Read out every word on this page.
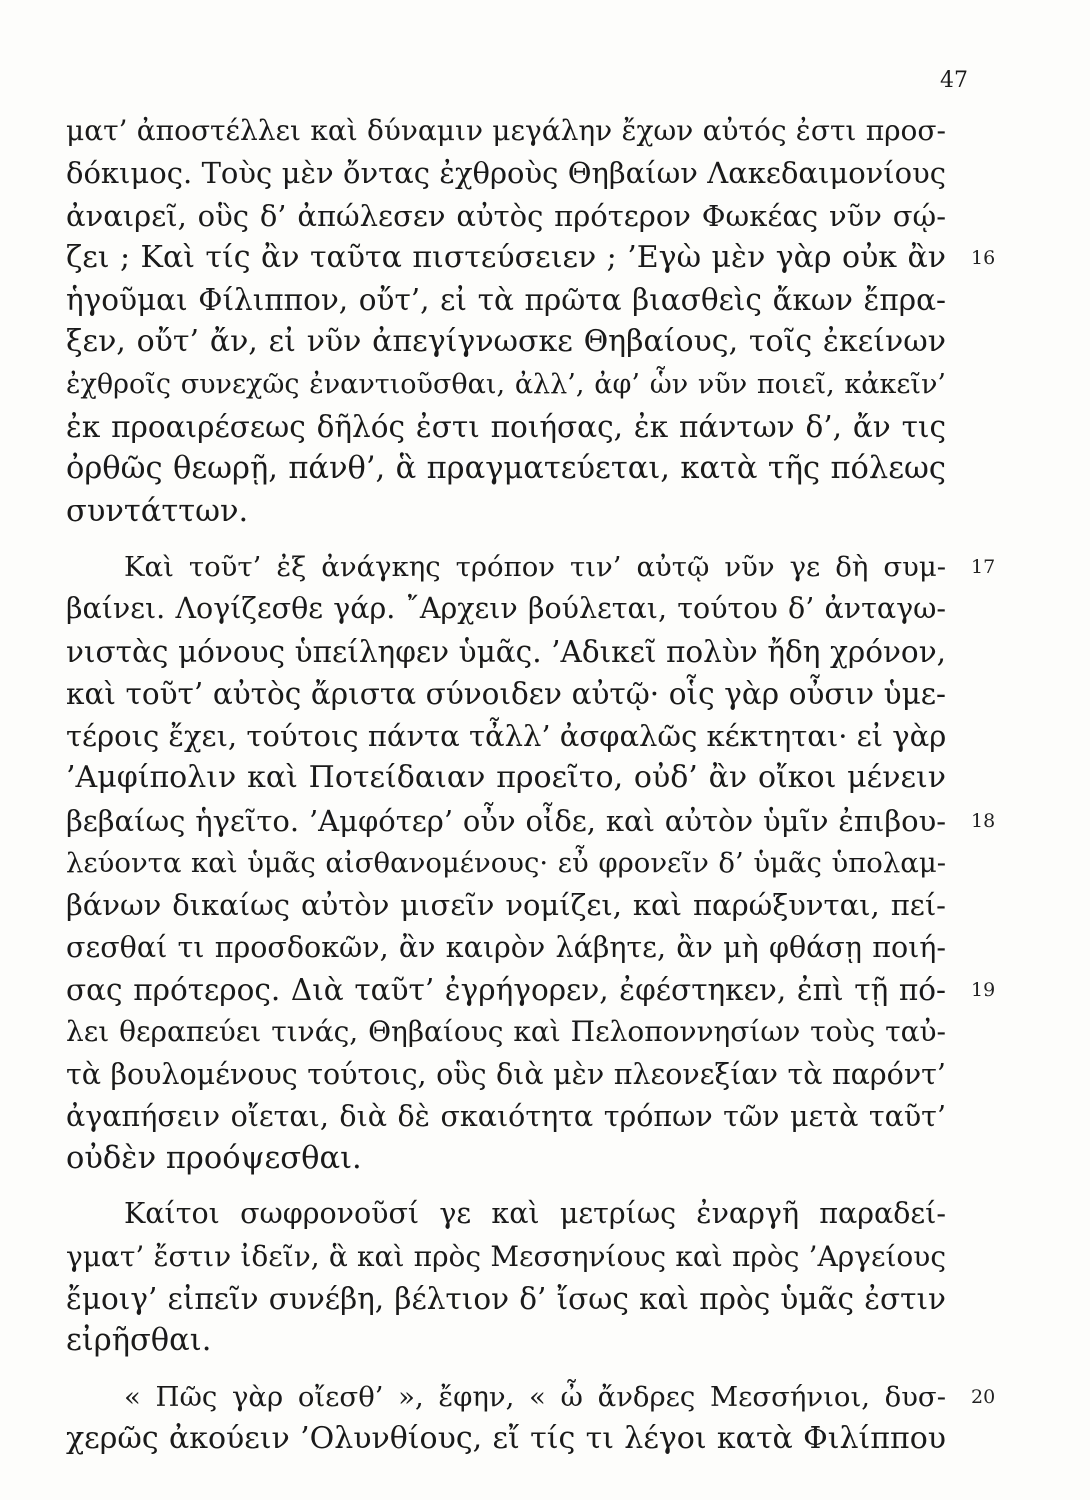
47
ματ’ ἀποστέλλει καὶ δύναμιν μεγάλην ἔχων αὐτός ἐστι προσ-
δόκιμος. Τοὺς μὲν ὄντας ἐχθροὺς Θηβαίων Λακεδαιμονίους
ἀναιρεῖ, οὓς δ’ ἀπώλεσεν αὐτὸς πρότερον Φωκέας νῦν σῴ-
ζει ; Καὶ τίς ἂν ταῦτα πιστεύσειεν ; ’Εγὼ μὲν γὰρ οὐκ ἂν 16
ἡγοῦμαι Φίλιππον, οὔτ’, εἰ τὰ πρῶτα βιασθεὶς ἄκων ἔπρα-
ξεν, οὔτ’ ἄν, εἰ νῦν ἀπεγίγνωσκε Θηβαίους, τοῖς ἐκείνων
ἐχθροῖς συνεχῶς ἐναντιοῦσθαι, ἀλλ’, ἀφ’ ὧν νῦν ποιεῖ, κἀκεῖν’
ἐκ προαιρέσεως δῆλός ἐστι ποιήσας, ἐκ πάντων δ’, ἄν τις
ὀρθῶς θεωρῇ, πάνθ’, ἃ πραγματεύεται, κατὰ τῆς πόλεως
συντάττων.
Καὶ τοῦτ’ ἐξ ἀνάγκης τρόπον τιν’ αὐτῷ νῦν γε δὴ συμ- 17
βαίνει. Λογίζεσθε γάρ. ῎Αρχειν βούλεται, τούτου δ’ ἀνταγω-
νιστὰς μόνους ὑπείληφεν ὑμᾶς. ’Αδικεῖ πολὺν ἤδη χρόνον,
καὶ τοῦτ’ αὐτὸς ἄριστα σύνοιδεν αὐτῷ· οἷς γὰρ οὖσιν ὑμε-
τέροις ἔχει, τούτοις πάντα τἆλλ’ ἀσφαλῶς κέκτηται· εἰ γὰρ
’Αμφίπολιν καὶ Ποτείδαιαν προεῖτο, οὐδ’ ἂν οἴκοι μένειν
βεβαίως ἡγεῖτο. ’Αμφότερ’ οὖν οἶδε, καὶ αὐτὸν ὑμῖν ἐπιβου- 18
λεύοντα καὶ ὑμᾶς αἰσθανομένους· εὖ φρονεῖν δ’ ὑμᾶς ὑπολαμ-
βάνων δικαίως αὐτὸν μισεῖν νομίζει, καὶ παρώξυνται, πεί-
σεσθαί τι προσδοκῶν, ἂν καιρὸν λάβητε, ἂν μὴ φθάσῃ ποιή-
σας πρότερος. Διὰ ταῦτ’ ἐγρήγορεν, ἐφέστηκεν, ἐπὶ τῇ πό- 19
λει θεραπεύει τινάς, Θηβαίους καὶ Πελοποννησίων τοὺς ταὐ-
τὰ βουλομένους τούτοις, οὓς διὰ μὲν πλεονεξίαν τὰ παρόντ’
ἀγαπήσειν οἴεται, διὰ δὲ σκαιότητα τρόπων τῶν μετὰ ταῦτ’
οὐδὲν προόψεσθαι.
Καίτοι σωφρονοῦσί γε καὶ μετρίως ἐναργῆ παραδεί-
γματ’ ἔστιν ἰδεῖν, ἃ καὶ πρὸς Μεσσηνίους καὶ πρὸς ’Αργείους
ἔμοιγ’ εἰπεῖν συνέβη, βέλτιον δ’ ἴσως καὶ πρὸς ὑμᾶς ἐστιν
εἰρῆσθαι.
« Πῶς γὰρ οἴεσθ’ », ἔφην, « ὦ ἄνδρες Μεσσήνιοι, δυσ- 20
χερῶς ἀκούειν ’Ολυνθίους, εἴ τίς τι λέγοι κατὰ Φιλίππου
